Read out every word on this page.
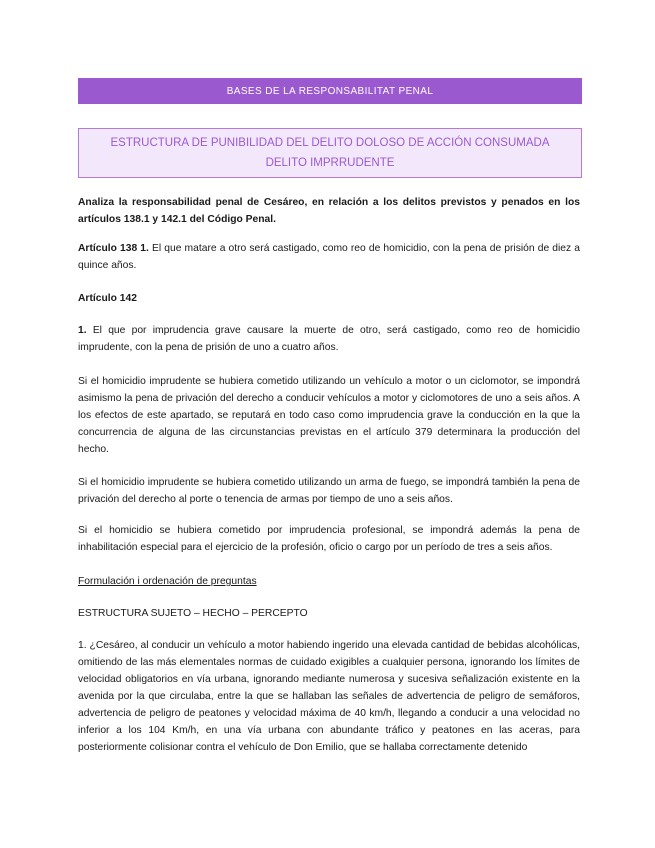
BASES DE LA RESPONSABILITAT PENAL
ESTRUCTURA DE PUNIBILIDAD DEL DELITO DOLOSO DE ACCIÓN CONSUMADA
DELITO IMPRRUDENTE
Analiza la responsabilidad penal de Cesáreo, en relación a los delitos previstos y penados en los artículos 138.1 y 142.1 del Código Penal.
Artículo 138 1. El que matare a otro será castigado, como reo de homicidio, con la pena de prisión de diez a quince años.
Artículo 142
1. El que por imprudencia grave causare la muerte de otro, será castigado, como reo de homicidio imprudente, con la pena de prisión de uno a cuatro años.
Si el homicidio imprudente se hubiera cometido utilizando un vehículo a motor o un ciclomotor, se impondrá asimismo la pena de privación del derecho a conducir vehículos a motor y ciclomotores de uno a seis años. A los efectos de este apartado, se reputará en todo caso como imprudencia grave la conducción en la que la concurrencia de alguna de las circunstancias previstas en el artículo 379 determinara la producción del hecho.
Si el homicidio imprudente se hubiera cometido utilizando un arma de fuego, se impondrá también la pena de privación del derecho al porte o tenencia de armas por tiempo de uno a seis años.
Si el homicidio se hubiera cometido por imprudencia profesional, se impondrá además la pena de inhabilitación especial para el ejercicio de la profesión, oficio o cargo por un período de tres a seis años.
Formulación i ordenación de preguntas
ESTRUCTURA SUJETO – HECHO – PERCEPTO
1. ¿Cesáreo, al conducir un vehículo a motor habiendo ingerido una elevada cantidad de bebidas alcohólicas, omitiendo de las más elementales normas de cuidado exigibles a cualquier persona, ignorando los límites de velocidad obligatorios en vía urbana, ignorando mediante numerosa y sucesiva señalización existente en la avenida por la que circulaba, entre la que se hallaban las señales de advertencia de peligro de semáforos, advertencia de peligro de peatones y velocidad máxima de 40 km/h, llegando a conducir a una velocidad no inferior a los 104 Km/h, en una vía urbana con abundante tráfico y peatones en las aceras, para posteriormente colisionar contra el vehículo de Don Emilio, que se hallaba correctamente detenido
